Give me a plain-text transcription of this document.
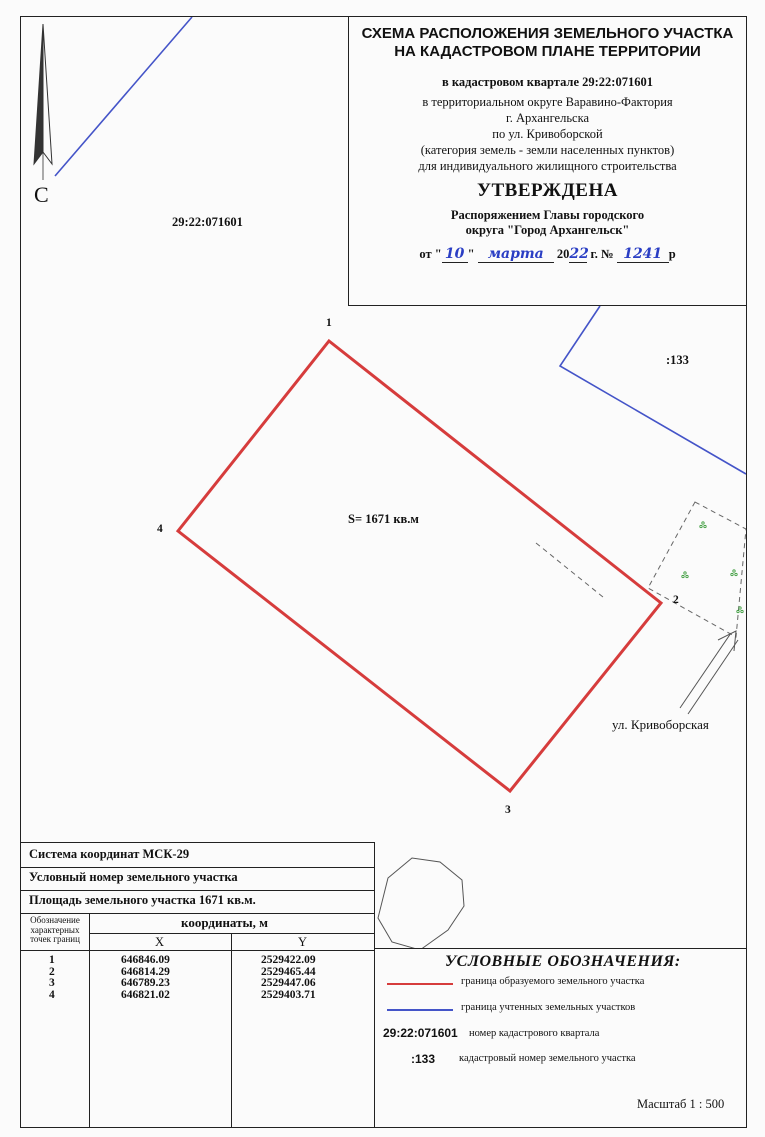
С
29:22:071601
:133
S= 1671 кв.м
ул. Кривоборская
1
2
3
4
СХЕМА РАСПОЛОЖЕНИЯ ЗЕМЕЛЬНОГО УЧАСТКА
НА КАДАСТРОВОМ ПЛАНЕ ТЕРРИТОРИИ
в кадастровом квартале 29:22:071601
в территориальном округе Варавино-Фактория
г. Архангельска
по ул. Кривоборской
(категория земель - земли населенных пунктов)
для индивидуального жилищного строительства
УТВЕРЖДЕНА
Распоряжением Главы городского
округа "Город Архангельск"
от " 10 " марта 2022 г. № 1241 р
Система координат МСК-29
Условный номер земельного участка
Площадь земельного участка 1671 кв.м.
Обозначение характерных точек границ
координаты, м
X	Y
1	646846.09	2529422.09
2	646814.29	2529465.44
3	646789.23	2529447.06
4	646821.02	2529403.71
УСЛОВНЫЕ ОБОЗНАЧЕНИЯ:
граница образуемого земельного участка
граница учтенных земельных участков
29:22:071601 номер кадастрового квартала
:133 кадастровый номер земельного участка
Масштаб 1 : 500
